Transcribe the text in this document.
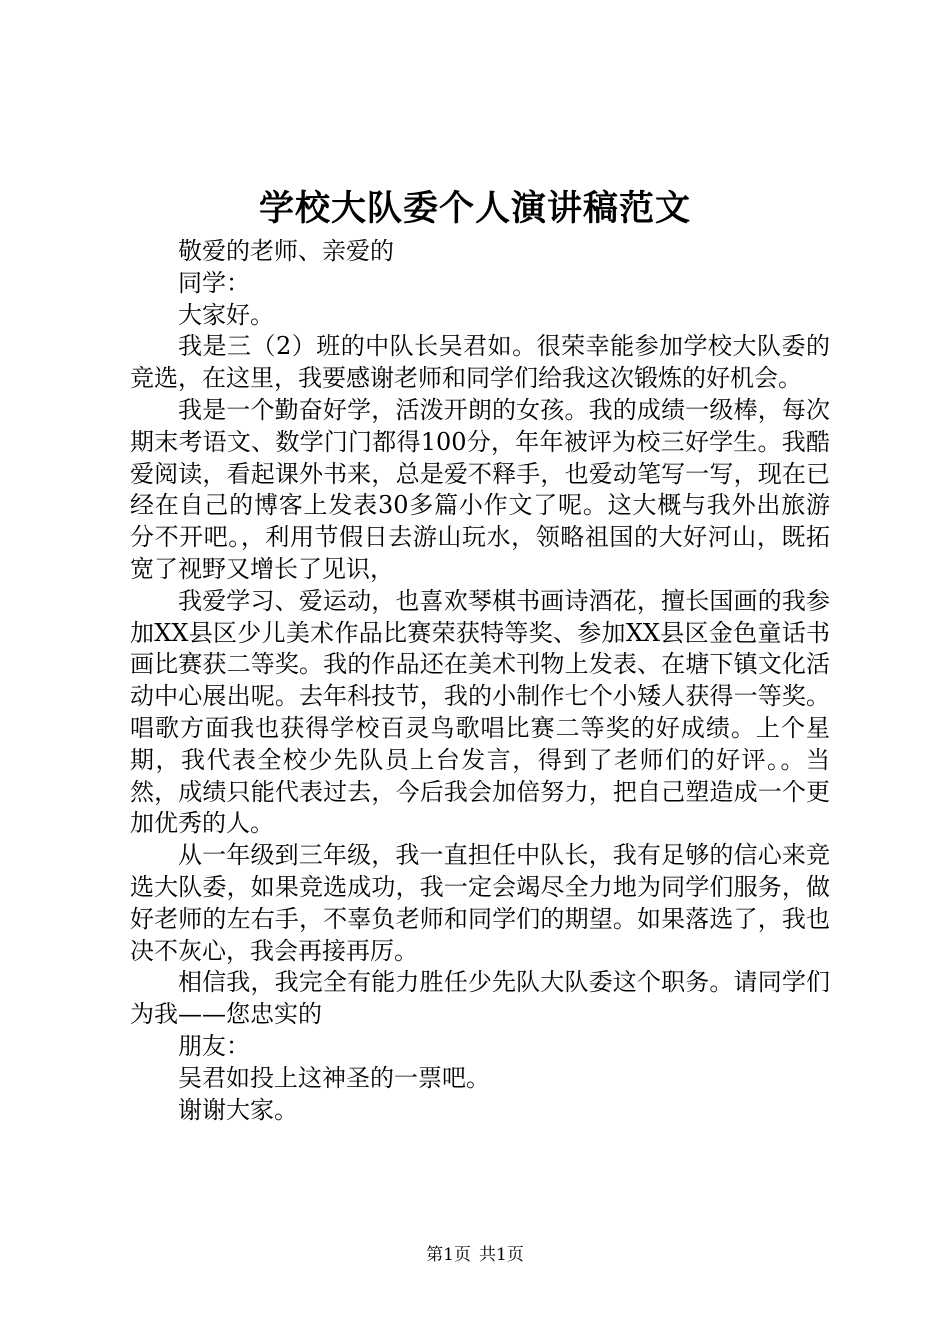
学校大队委个人演讲稿范文

敬爱的老师、亲爱的

同学：

大家好。

我是三（2）班的中队长吴君如。很荣幸能参加学校大队委的竞选，在这里，我要感谢老师和同学们给我这次锻炼的好机会。

我是一个勤奋好学，活泼开朗的女孩。我的成绩一级棒，每次期末考语文、数学门门都得100分，年年被评为校三好学生。我酷爱阅读，看起课外书来，总是爱不释手，也爱动笔写一写，现在已经在自己的博客上发表30多篇小作文了呢。这大概与我外出旅游分不开吧。，利用节假日去游山玩水，领略祖国的大好河山，既拓宽了视野又增长了见识，

我爱学习、爱运动，也喜欢琴棋书画诗酒花，擅长国画的我参加XX县区少儿美术作品比赛荣获特等奖、参加XX县区金色童话书画比赛获二等奖。我的作品还在美术刊物上发表、在塘下镇文化活动中心展出呢。去年科技节，我的小制作七个小矮人获得一等奖。唱歌方面我也获得学校百灵鸟歌唱比赛二等奖的好成绩。上个星期，我代表全校少先队员上台发言，得到了老师们的好评。。当然，成绩只能代表过去，今后我会加倍努力，把自己塑造成一个更加优秀的人。

从一年级到三年级，我一直担任中队长，我有足够的信心来竞选大队委，如果竞选成功，我一定会竭尽全力地为同学们服务，做好老师的左右手，不辜负老师和同学们的期望。如果落选了，我也决不灰心，我会再接再厉。

相信我，我完全有能力胜任少先队大队委这个职务。请同学们为我——您忠实的

朋友：

吴君如投上这神圣的一票吧。

谢谢大家。

第1页 共1页
